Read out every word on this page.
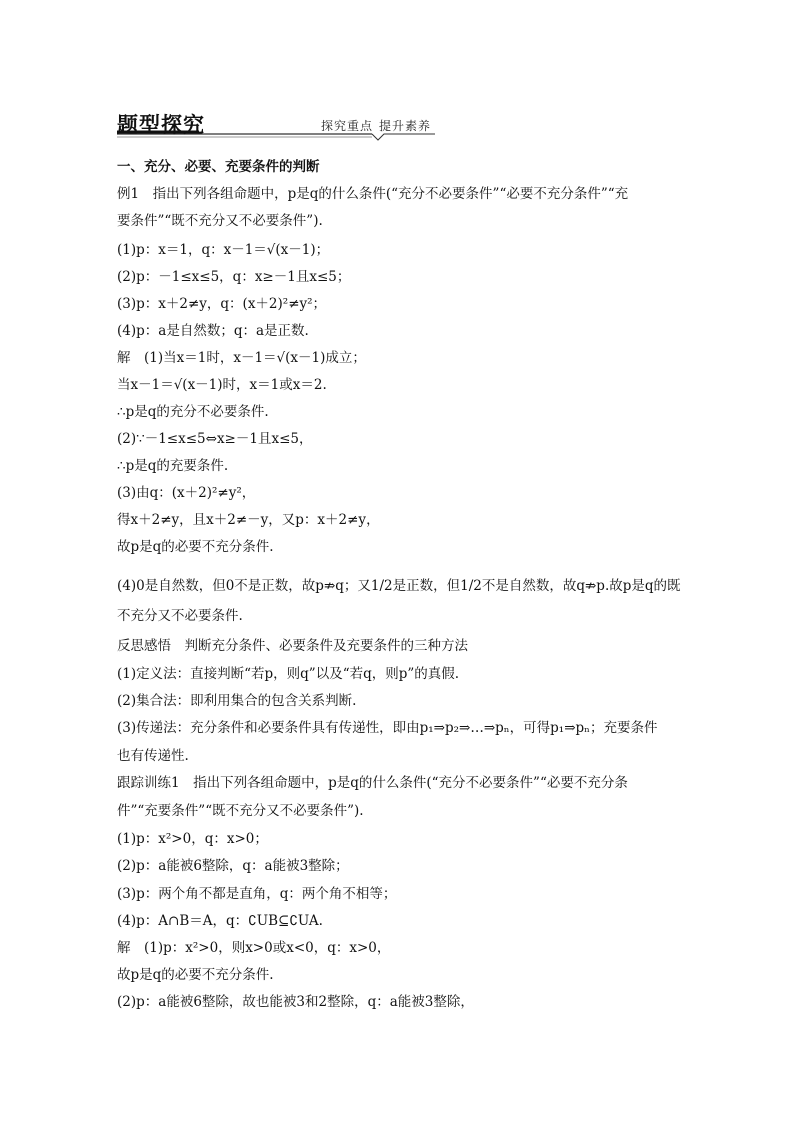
题型探究	探究重点 提升素养
一、充分、必要、充要条件的判断
例1　指出下列各组命题中，p是q的什么条件(“充分不必要条件”“必要不充分条件”“充
要条件”“既不充分又不必要条件”).
(1)p：x＝1，q：x－1＝√(x－1)；
(2)p：－1≤x≤5，q：x≥－1且x≤5；
(3)p：x＋2≠y，q：(x＋2)²≠y²；
(4)p：a是自然数；q：a是正数.
解　(1)当x＝1时，x－1＝√(x－1)成立；
当x－1＝√(x－1)时，x＝1或x＝2.
∴p是q的充分不必要条件.
(2)∵－1≤x≤5⇔x≥－1且x≤5，
∴p是q的充要条件.
(3)由q：(x＋2)²≠y²，
得x＋2≠y，且x＋2≠－y，又p：x＋2≠y，
故p是q的必要不充分条件.
(4)0是自然数，但0不是正数，故p⇏q；又1/2是正数，但1/2不是自然数，故q⇏p.故p是q的既
不充分又不必要条件.
反思感悟　判断充分条件、必要条件及充要条件的三种方法
(1)定义法：直接判断“若p，则q”以及“若q，则p”的真假.
(2)集合法：即利用集合的包含关系判断.
(3)传递法：充分条件和必要条件具有传递性，即由p₁⇒p₂⇒…⇒pₙ，可得p₁⇒pₙ；充要条件
也有传递性.
跟踪训练1　指出下列各组命题中，p是q的什么条件(“充分不必要条件”“必要不充分条
件”“充要条件”“既不充分又不必要条件”).
(1)p：x²>0，q：x>0；
(2)p：a能被6整除，q：a能被3整除；
(3)p：两个角不都是直角，q：两个角不相等；
(4)p：A∩B＝A，q：∁UB⊆∁UA.
解　(1)p：x²>0，则x>0或x<0，q：x>0，
故p是q的必要不充分条件.
(2)p：a能被6整除，故也能被3和2整除，q：a能被3整除，
